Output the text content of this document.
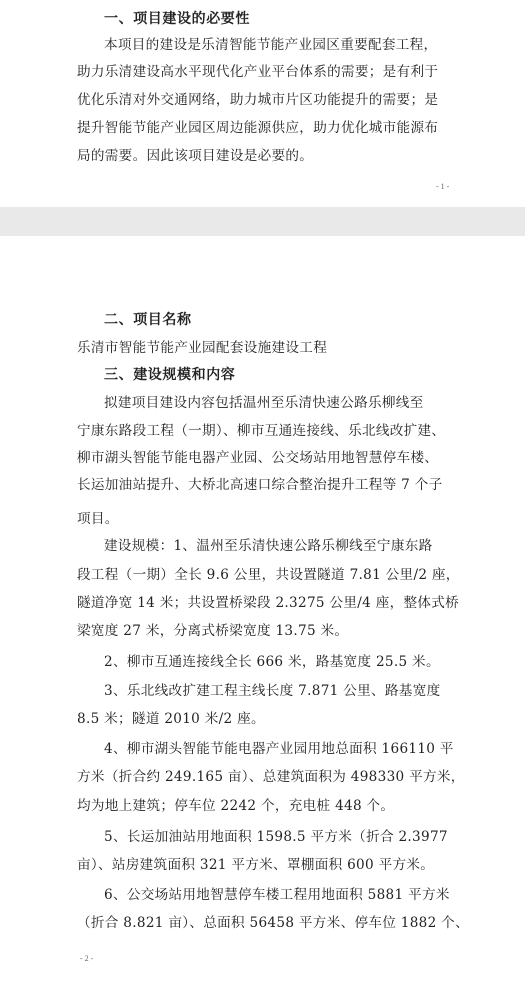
一、项目建设的必要性
本项目的建设是乐清智能节能产业园区重要配套工程，
助力乐清建设高水平现代化产业平台体系的需要；是有利于
优化乐清对外交通网络，助力城市片区功能提升的需要；是
提升智能节能产业园区周边能源供应，助力优化城市能源布
局的需要。因此该项目建设是必要的。
- 1 -
二、项目名称
乐清市智能节能产业园配套设施建设工程
三、建设规模和内容
拟建项目建设内容包括温州至乐清快速公路乐柳线至
宁康东路段工程（一期）、柳市互通连接线、乐北线改扩建、
柳市湖头智能节能电器产业园、公交场站用地智慧停车楼、
长运加油站提升、大桥北高速口综合整治提升工程等 7 个子
项目。
建设规模：1、温州至乐清快速公路乐柳线至宁康东路
段工程（一期）全长 9.6 公里，共设置隧道 7.81 公里/2 座，
隧道净宽 14 米；共设置桥梁段 2.3275 公里/4 座，整体式桥
梁宽度 27 米，分离式桥梁宽度 13.75 米。
2、柳市互通连接线全长 666 米，路基宽度 25.5 米。
3、乐北线改扩建工程主线长度 7.871 公里、路基宽度
8.5 米；隧道 2010 米/2 座。
4、柳市湖头智能节能电器产业园用地总面积 166110 平
方米（折合约 249.165 亩）、总建筑面积为 498330 平方米，
均为地上建筑；停车位 2242 个，充电桩 448 个。
5、长运加油站用地面积 1598.5 平方米（折合 2.3977
亩）、站房建筑面积 321 平方米、罩棚面积 600 平方米。
6、公交场站用地智慧停车楼工程用地面积 5881 平方米
（折合 8.821 亩）、总面积 56458 平方米、停车位 1882 个、
- 2 -
